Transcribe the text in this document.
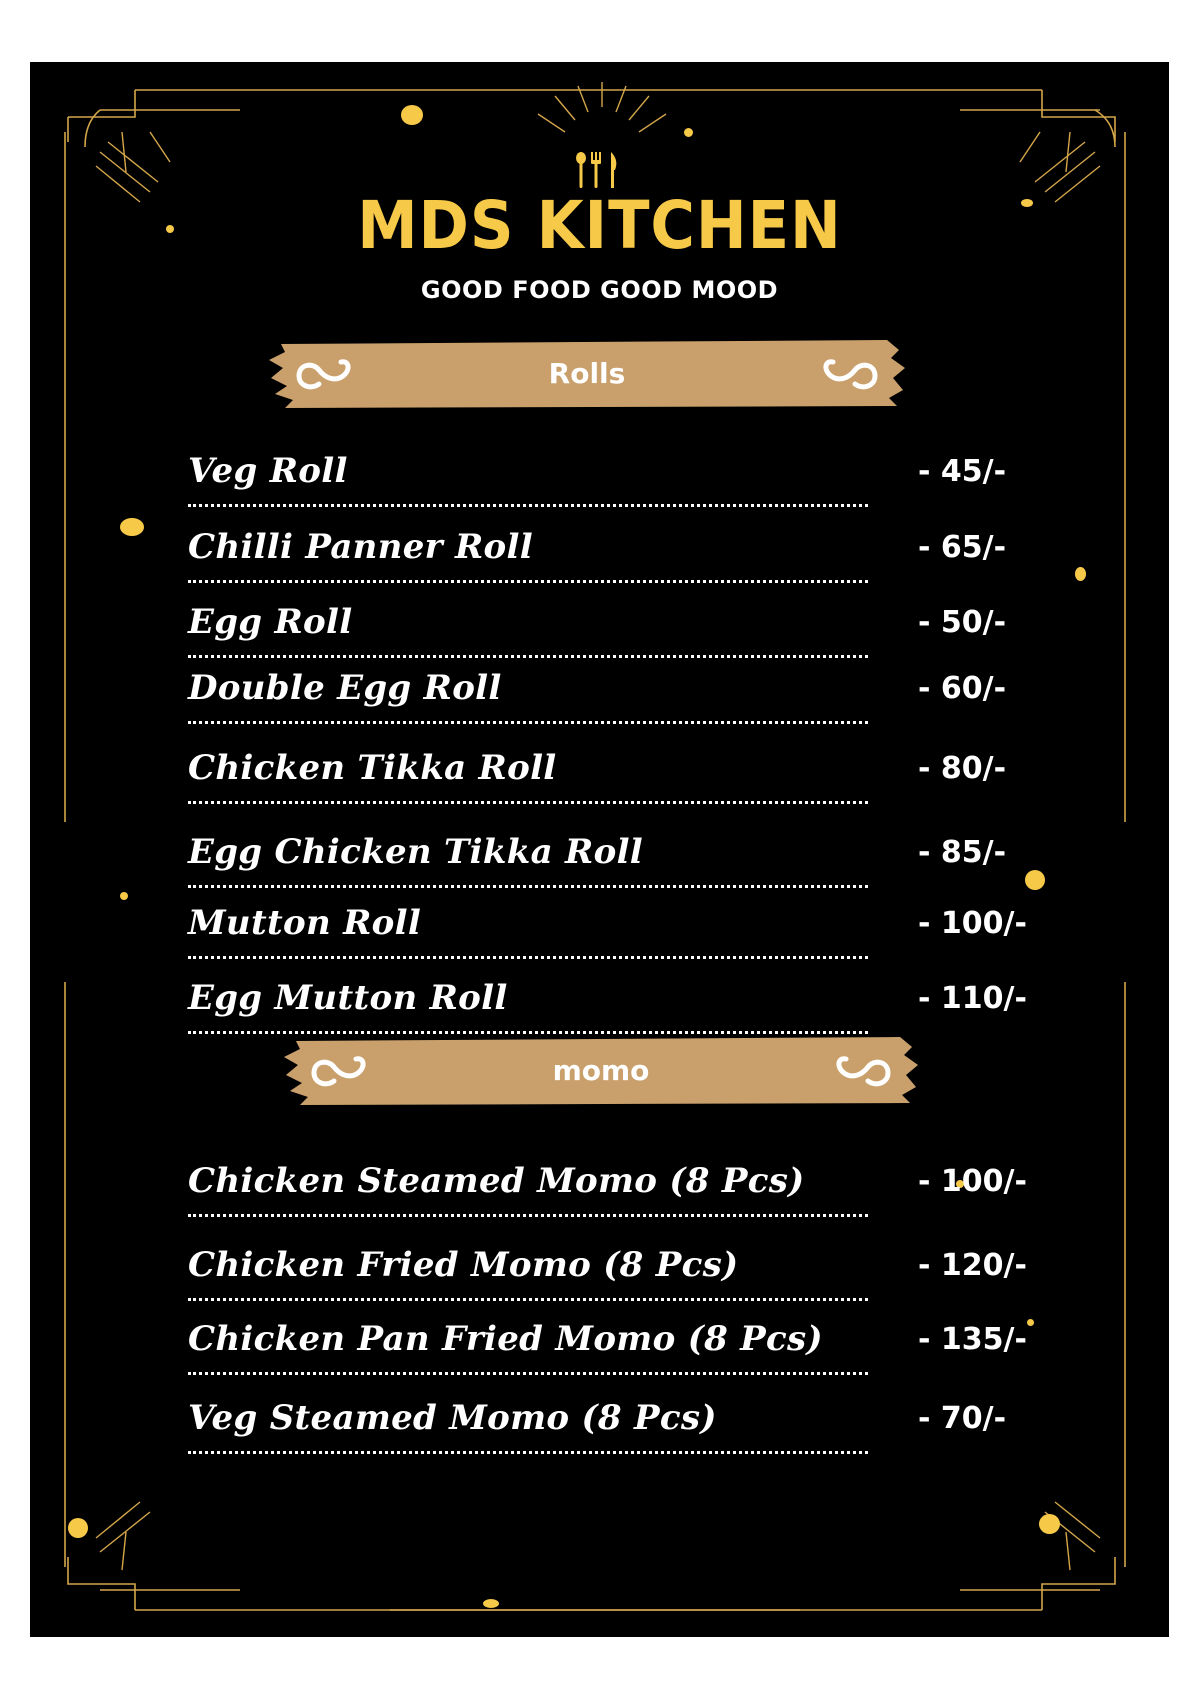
MDS KITCHEN
GOOD FOOD GOOD MOOD
Rolls
Veg Roll	- 45/-
Chilli Panner Roll	- 65/-
Egg Roll	- 50/-
Double Egg Roll	- 60/-
Chicken Tikka Roll	- 80/-
Egg Chicken Tikka Roll	- 85/-
Mutton Roll	- 100/-
Egg Mutton Roll	- 110/-
momo
Chicken Steamed Momo (8 Pcs)	- 100/-
Chicken Fried Momo (8 Pcs)	- 120/-
Chicken Pan Fried Momo (8 Pcs)	- 135/-
Veg Steamed Momo (8 Pcs)	- 70/-
